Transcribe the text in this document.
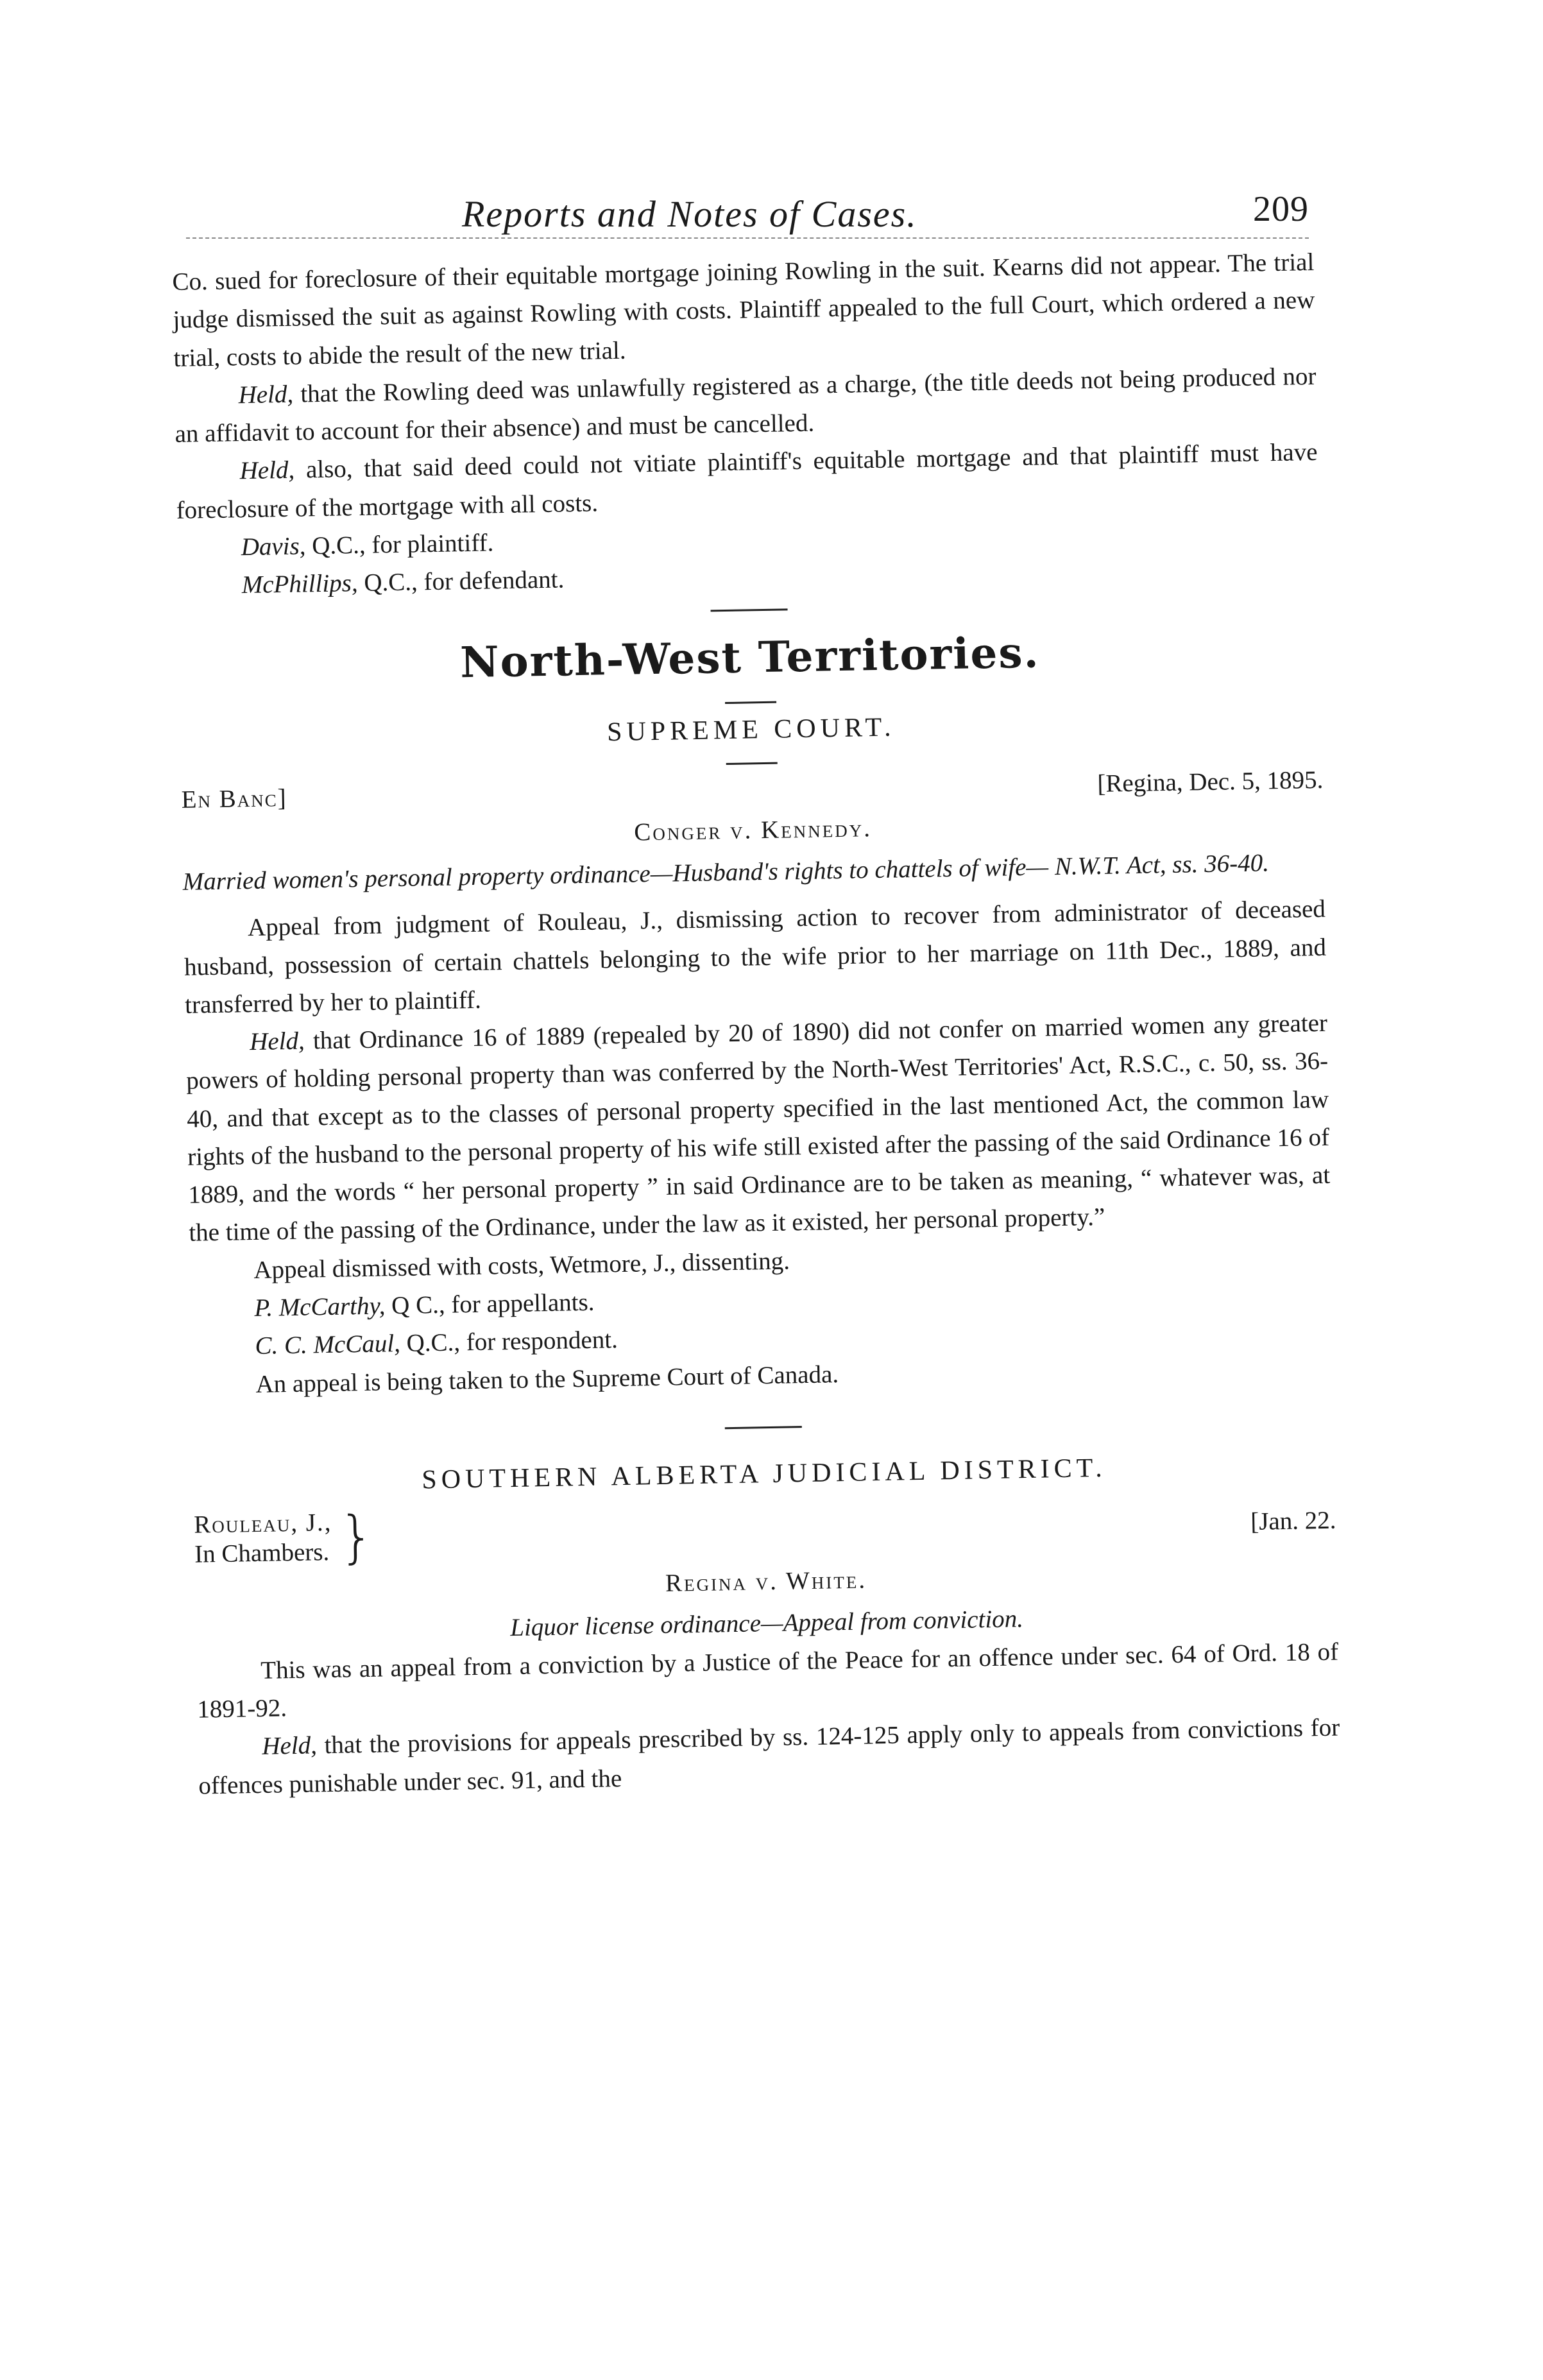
Reports and Notes of Cases.	209

Co. sued for foreclosure of their equitable mortgage joining Rowling in the suit. Kearns did not appear. The trial judge dismissed the suit as against Rowling with costs. Plaintiff appealed to the full Court, which ordered a new trial, costs to abide the result of the new trial.

Held, that the Rowling deed was unlawfully registered as a charge, (the title deeds not being produced nor an affidavit to account for their absence) and must be cancelled.

Held, also, that said deed could not vitiate plaintiff's equitable mortgage and that plaintiff must have foreclosure of the mortgage with all costs.

Davis, Q.C., for plaintiff.

McPhillips, Q.C., for defendant.

North-West Territories.
SUPREME COURT.
En Banc]
[Regina, Dec. 5, 1895.
Conger v. Kennedy.

Married women's personal property ordinance—Husband's rights to chattels of wife— N.W.T. Act, ss. 36-40.

Appeal from judgment of Rouleau, J., dismissing action to recover from administrator of deceased husband, possession of certain chattels belonging to the wife prior to her marriage on 11th Dec., 1889, and transferred by her to plaintiff.

Held, that Ordinance 16 of 1889 (repealed by 20 of 1890) did not confer on married women any greater powers of holding personal property than was conferred by the North-West Territories' Act, R.S.C., c. 50, ss. 36-40, and that except as to the classes of personal property specified in the last mentioned Act, the common law rights of the husband to the personal property of his wife still existed after the passing of the said Ordinance 16 of 1889, and the words “ her personal property ” in said Ordinance are to be taken as meaning, “ whatever was, at the time of the passing of the Ordinance, under the law as it existed, her personal property.”

Appeal dismissed with costs, Wetmore, J., dissenting.

P. McCarthy, Q C., for appellants.

C. C. McCaul, Q.C., for respondent.

An appeal is being taken to the Supreme Court of Canada.

SOUTHERN ALBERTA JUDICIAL DISTRICT.
Rouleau, J.,
In Chambers. }	[Jan. 22.
Regina v. White.

Liquor license ordinance—Appeal from conviction.

This was an appeal from a conviction by a Justice of the Peace for an offence under sec. 64 of Ord. 18 of 1891-92.

Held, that the provisions for appeals prescribed by ss. 124-125 apply only to appeals from convictions for offences punishable under sec. 91, and the
